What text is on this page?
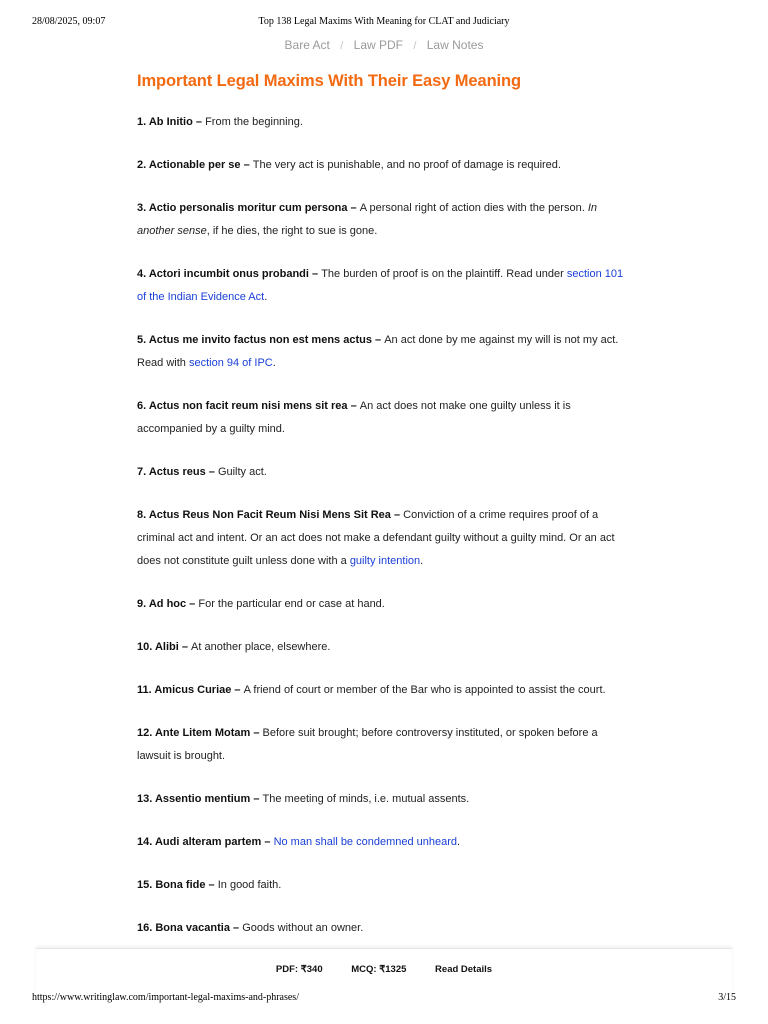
28/08/2025, 09:07	Top 138 Legal Maxims With Meaning for CLAT and Judiciary
Bare Act / Law PDF / Law Notes
Important Legal Maxims With Their Easy Meaning

1. Ab Initio – From the beginning.

2. Actionable per se – The very act is punishable, and no proof of damage is required.

3. Actio personalis moritur cum persona – A personal right of action dies with the person. In another sense, if he dies, the right to sue is gone.

4. Actori incumbit onus probandi – The burden of proof is on the plaintiff. Read under section 101 of the Indian Evidence Act.

5. Actus me invito factus non est mens actus – An act done by me against my will is not my act. Read with section 94 of IPC.

6. Actus non facit reum nisi mens sit rea – An act does not make one guilty unless it is accompanied by a guilty mind.

7. Actus reus – Guilty act.

8. Actus Reus Non Facit Reum Nisi Mens Sit Rea – Conviction of a crime requires proof of a criminal act and intent. Or an act does not make a defendant guilty without a guilty mind. Or an act does not constitute guilt unless done with a guilty intention.

9. Ad hoc – For the particular end or case at hand.

10. Alibi – At another place, elsewhere.

11. Amicus Curiae – A friend of court or member of the Bar who is appointed to assist the court.

12. Ante Litem Motam – Before suit brought; before controversy instituted, or spoken before a lawsuit is brought.

13. Assentio mentium – The meeting of minds, i.e. mutual assents.

14. Audi alteram partem – No man shall be condemned unheard.

15. Bona fide – In good faith.

16. Bona vacantia – Goods without an owner.

PDF: ₹340	MCQ: ₹1325	Read Details
https://www.writinglaw.com/important-legal-maxims-and-phrases/	3/15
